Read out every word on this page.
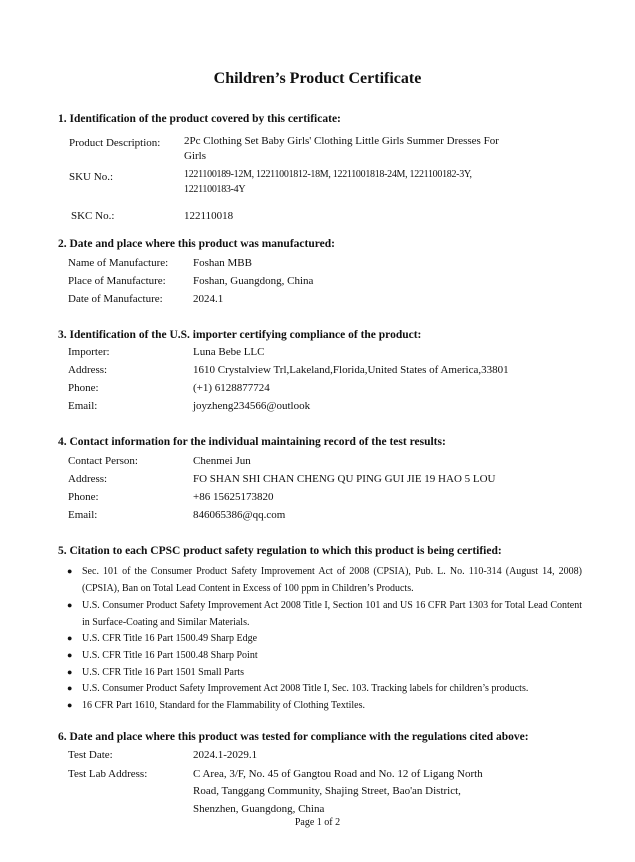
Children’s Product Certificate
1. Identification of the product covered by this certificate:
Product Description: 2Pc Clothing Set Baby Girls' Clothing Little Girls Summer Dresses For
Girls
SKU No.:	1221100189-12M, 12211001812-18M, 12211001818-24M, 1221100182-3Y,
1221100183-4Y
SKC No.:	122110018
2. Date and place where this product was manufactured:
Name of Manufacture: Foshan MBB
Place of Manufacture: Foshan, Guangdong, China
Date of Manufacture:	2024.1
3. Identification of the U.S. importer certifying compliance of the product:
Importer:	Luna Bebe LLC
Address:	1610 Crystalview Trl,Lakeland,Florida,United States of America,33801
Phone:	(+1) 6128877724
Email:	joyzheng234566@outlook
4. Contact information for the individual maintaining record of the test results:
Contact Person:	Chenmei Jun
Address:	FO SHAN SHI CHAN CHENG QU PING GUI JIE 19 HAO 5 LOU
Phone:	+86 15625173820
Email:	846065386@qq.com
5. Citation to each CPSC product safety regulation to which this product is being certified:
● Sec. 101 of the Consumer Product Safety Improvement Act of 2008 (CPSIA), Pub. L. No. 110-314 (August 14, 2008) (CPSIA), Ban on Total Lead Content in Excess of 100 ppm in Children’s Products.
● U.S. Consumer Product Safety Improvement Act 2008 Title I, Section 101 and US 16 CFR Part 1303 for Total Lead Content in Surface-Coating and Similar Materials.
● U.S. CFR Title 16 Part 1500.49 Sharp Edge
● U.S. CFR Title 16 Part 1500.48 Sharp Point
● U.S. CFR Title 16 Part 1501 Small Parts
● U.S. Consumer Product Safety Improvement Act 2008 Title I, Sec. 103. Tracking labels for children’s products.
● 16 CFR Part 1610, Standard for the Flammability of Clothing Textiles.
6. Date and place where this product was tested for compliance with the regulations cited above:
Test Date:	2024.1-2029.1
Test Lab Address:	C Area, 3/F, No. 45 of Gangtou Road and No. 12 of Ligang North
Road, Tanggang Community, Shajing Street, Bao'an District,
Shenzhen, Guangdong, China
Page 1 of 2
